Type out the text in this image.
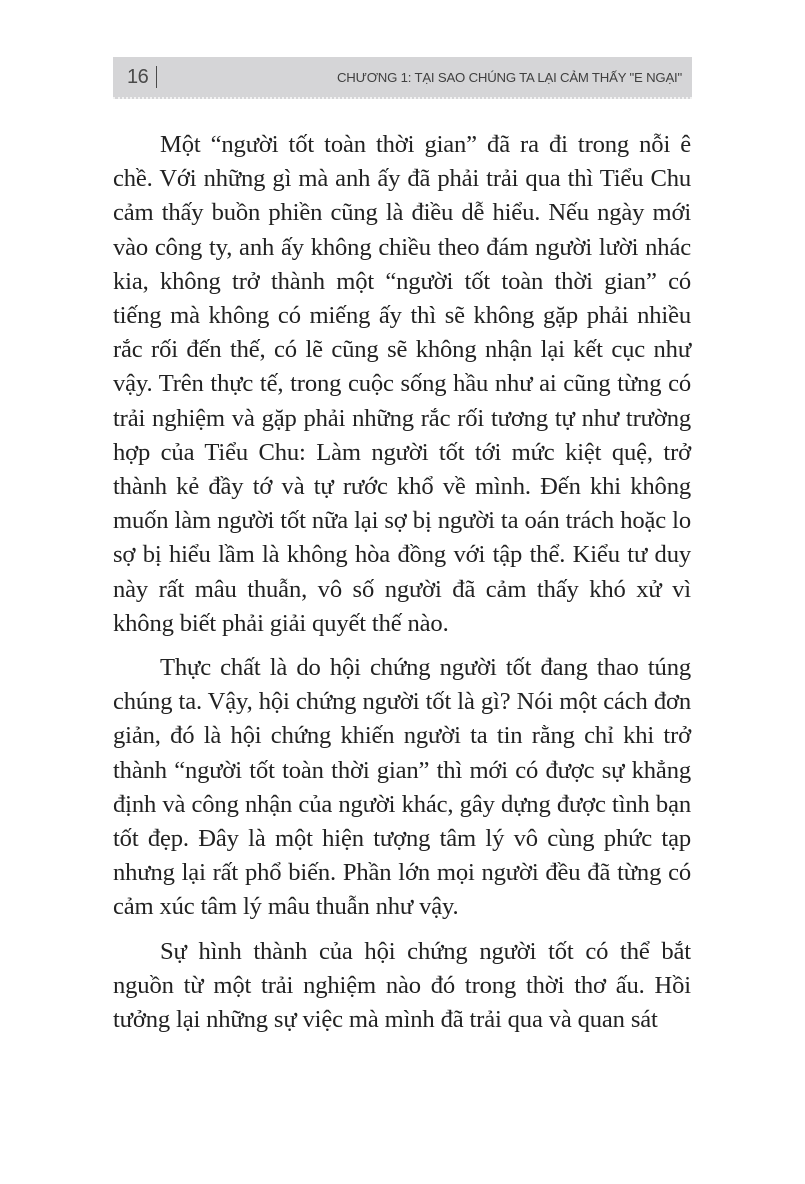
16	CHƯƠNG 1: TẠI SAO CHÚNG TA LẠI CẢM THẤY "E NGẠI"

Một “người tốt toàn thời gian” đã ra đi trong nỗi ê chề. Với những gì mà anh ấy đã phải trải qua thì Tiểu Chu cảm thấy buồn phiền cũng là điều dễ hiểu. Nếu ngày mới vào công ty, anh ấy không chiều theo đám người lười nhác kia, không trở thành một “người tốt toàn thời gian” có tiếng mà không có miếng ấy thì sẽ không gặp phải nhiều rắc rối đến thế, có lẽ cũng sẽ không nhận lại kết cục như vậy. Trên thực tế, trong cuộc sống hầu như ai cũng từng có trải nghiệm và gặp phải những rắc rối tương tự như trường hợp của Tiểu Chu: Làm người tốt tới mức kiệt quệ, trở thành kẻ đầy tớ và tự rước khổ về mình. Đến khi không muốn làm người tốt nữa lại sợ bị người ta oán trách hoặc lo sợ bị hiểu lầm là không hòa đồng với tập thể. Kiểu tư duy này rất mâu thuẫn, vô số người đã cảm thấy khó xử vì không biết phải giải quyết thế nào.

Thực chất là do hội chứng người tốt đang thao túng chúng ta. Vậy, hội chứng người tốt là gì? Nói một cách đơn giản, đó là hội chứng khiến người ta tin rằng chỉ khi trở thành “người tốt toàn thời gian” thì mới có được sự khẳng định và công nhận của người khác, gây dựng được tình bạn tốt đẹp. Đây là một hiện tượng tâm lý vô cùng phức tạp nhưng lại rất phổ biến. Phần lớn mọi người đều đã từng có cảm xúc tâm lý mâu thuẫn như vậy.

Sự hình thành của hội chứng người tốt có thể bắt nguồn từ một trải nghiệm nào đó trong thời thơ ấu. Hồi tưởng lại những sự việc mà mình đã trải qua và quan sát
